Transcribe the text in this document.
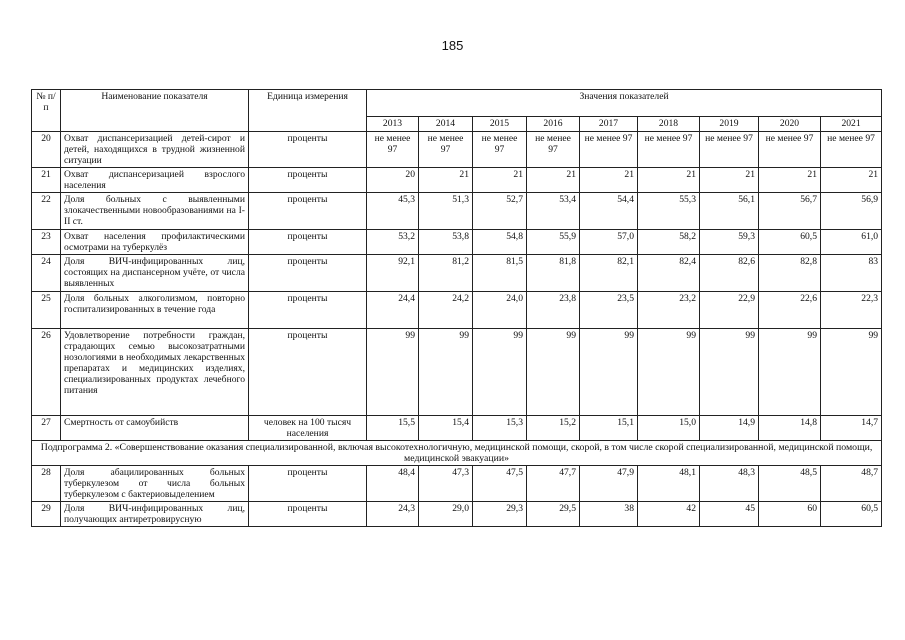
185
№ п/п	Наименование показателя	Единица измерения	Значения показателей								
			2013	2014	2015	2016	2017	2018	2019	2020	2021
20	Охват диспансеризацией детей-сирот и детей, находящихся в трудной жизненной ситуации	проценты	не менее 97	не менее 97	не менее 97	не менее 97	не менее 97	не менее 97	не менее 97	не менее 97	не менее 97
21	Охват диспансеризацией взрослого населения	проценты	20	21	21	21	21	21	21	21	21
22	Доля больных с выявленными злокачественными новообразованиями на I-II ст.	проценты	45,3	51,3	52,7	53,4	54,4	55,3	56,1	56,7	56,9
23	Охват населения профилактическими осмотрами на туберкулёз	проценты	53,2	53,8	54,8	55,9	57,0	58,2	59,3	60,5	61,0
24	Доля ВИЧ-инфицированных лиц, состоящих на диспансерном учёте, от числа выявленных	проценты	92,1	81,2	81,5	81,8	82,1	82,4	82,6	82,8	83
25	Доля больных алкоголизмом, повторно госпитализированных в течение года	проценты	24,4	24,2	24,0	23,8	23,5	23,2	22,9	22,6	22,3
26	Удовлетворение потребности граждан, страдающих семью высокозатратными нозологиями в необходимых лекарственных препаратах и медицинских изделиях, специализированных продуктах лечебного питания	проценты	99	99	99	99	99	99	99	99	99
27	Смертность от самоубийств	человек на 100 тысяч населения	15,5	15,4	15,3	15,2	15,1	15,0	14,9	14,8	14,7
Подпрограмма 2. «Совершенствование оказания специализированной, включая высокотехнологичную, медицинской помощи, скорой, в том числе скорой специализированной, медицинской помощи, медицинской эвакуации»											
28	Доля абацилированных больных туберкулезом от числа больных туберкулезом с бактериовыделением	проценты	48,4	47,3	47,5	47,7	47,9	48,1	48,3	48,5	48,7
29	Доля ВИЧ-инфицированных лиц, получающих антиретровирусную	проценты	24,3	29,0	29,3	29,5	38	42	45	60	60,5
